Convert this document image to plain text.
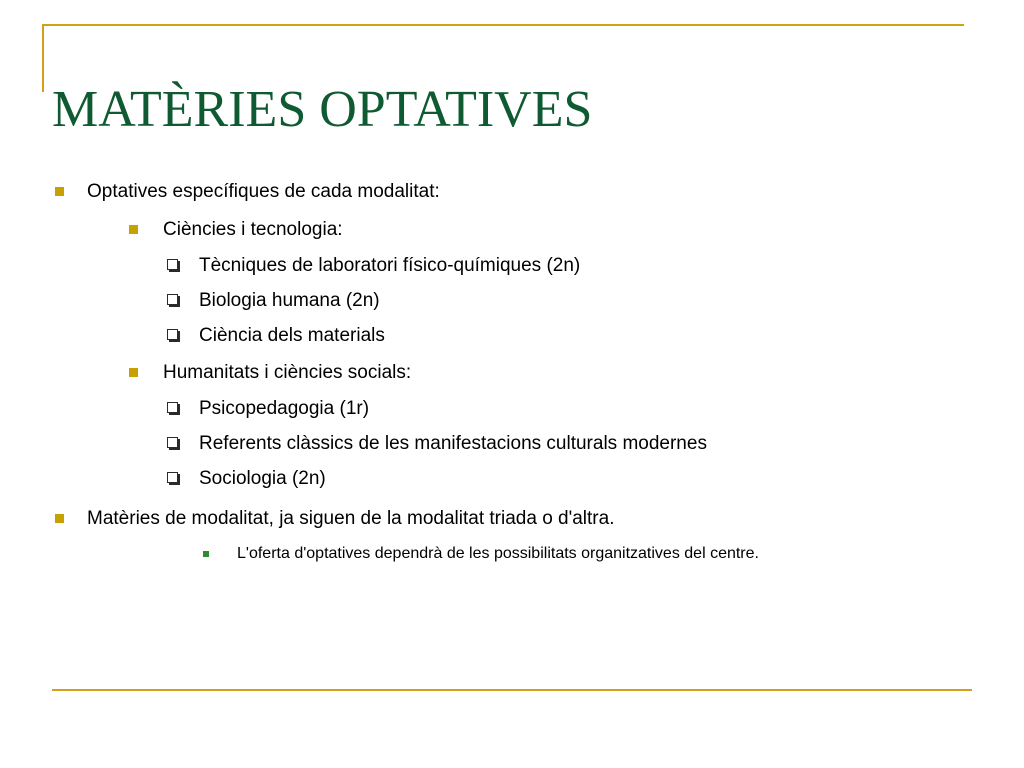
MATÈRIES OPTATIVES
Optatives específiques de cada modalitat:
Ciències i tecnologia:
Tècniques de laboratori físico-químiques (2n)
Biologia humana (2n)
Ciència dels materials
Humanitats i ciències socials:
Psicopedagogia (1r)
Referents clàssics de les manifestacions culturals modernes
Sociologia (2n)
Matèries de modalitat, ja siguen de la modalitat triada o d'altra.
L'oferta d'optatives dependrà de les possibilitats organitzatives del centre.
